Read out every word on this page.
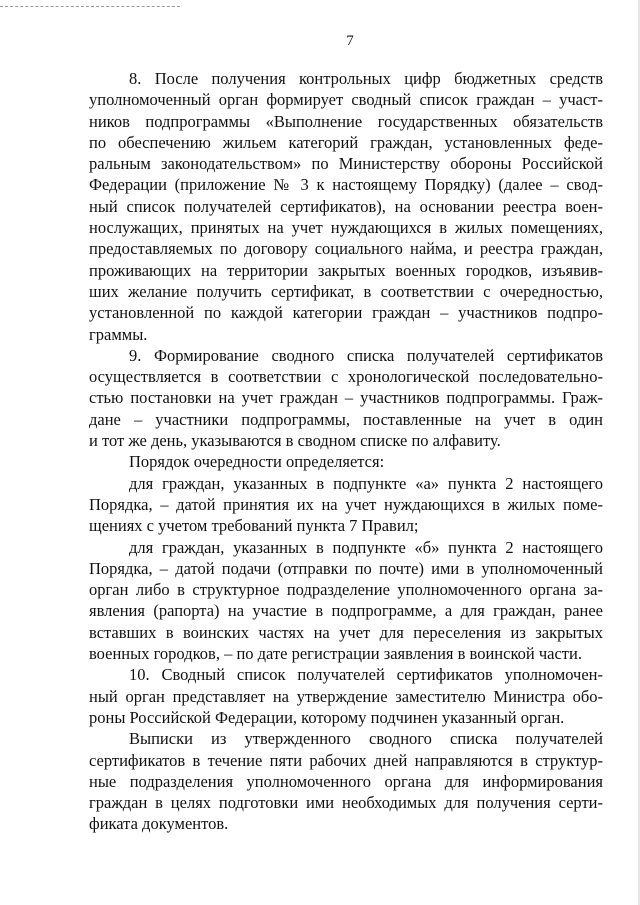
7
8. После получения контрольных цифр бюджетных средств
уполномоченный орган формирует сводный список граждан – участ-
ников подпрограммы «Выполнение государственных обязательств
по обеспечению жильем категорий граждан, установленных феде-
ральным законодательством» по Министерству обороны Российской
Федерации (приложение № 3 к настоящему Порядку) (далее – свод-
ный список получателей сертификатов), на основании реестра воен-
нослужащих, принятых на учет нуждающихся в жилых помещениях,
предоставляемых по договору социального найма, и реестра граждан,
проживающих на территории закрытых военных городков, изъявив-
ших желание получить сертификат, в соответствии с очередностью,
установленной по каждой категории граждан – участников подпро-
граммы.
9. Формирование сводного списка получателей сертификатов
осуществляется в соответствии с хронологической последовательно-
стью постановки на учет граждан – участников подпрограммы. Граж-
дане – участники подпрограммы, поставленные на учет в один
и тот же день, указываются в сводном списке по алфавиту.
Порядок очередности определяется:
для граждан, указанных в подпункте «а» пункта 2 настоящего
Порядка, – датой принятия их на учет нуждающихся в жилых поме-
щениях с учетом требований пункта 7 Правил;
для граждан, указанных в подпункте «б» пункта 2 настоящего
Порядка, – датой подачи (отправки по почте) ими в уполномоченный
орган либо в структурное подразделение уполномоченного органа за-
явления (рапорта) на участие в подпрограмме, а для граждан, ранее
вставших в воинских частях на учет для переселения из закрытых
военных городков, – по дате регистрации заявления в воинской части.
10. Сводный список получателей сертификатов уполномочен-
ный орган представляет на утверждение заместителю Министра обо-
роны Российской Федерации, которому подчинен указанный орган.
Выписки из утвержденного сводного списка получателей
сертификатов в течение пяти рабочих дней направляются в структур-
ные подразделения уполномоченного органа для информирования
граждан в целях подготовки ими необходимых для получения серти-
фиката документов.
